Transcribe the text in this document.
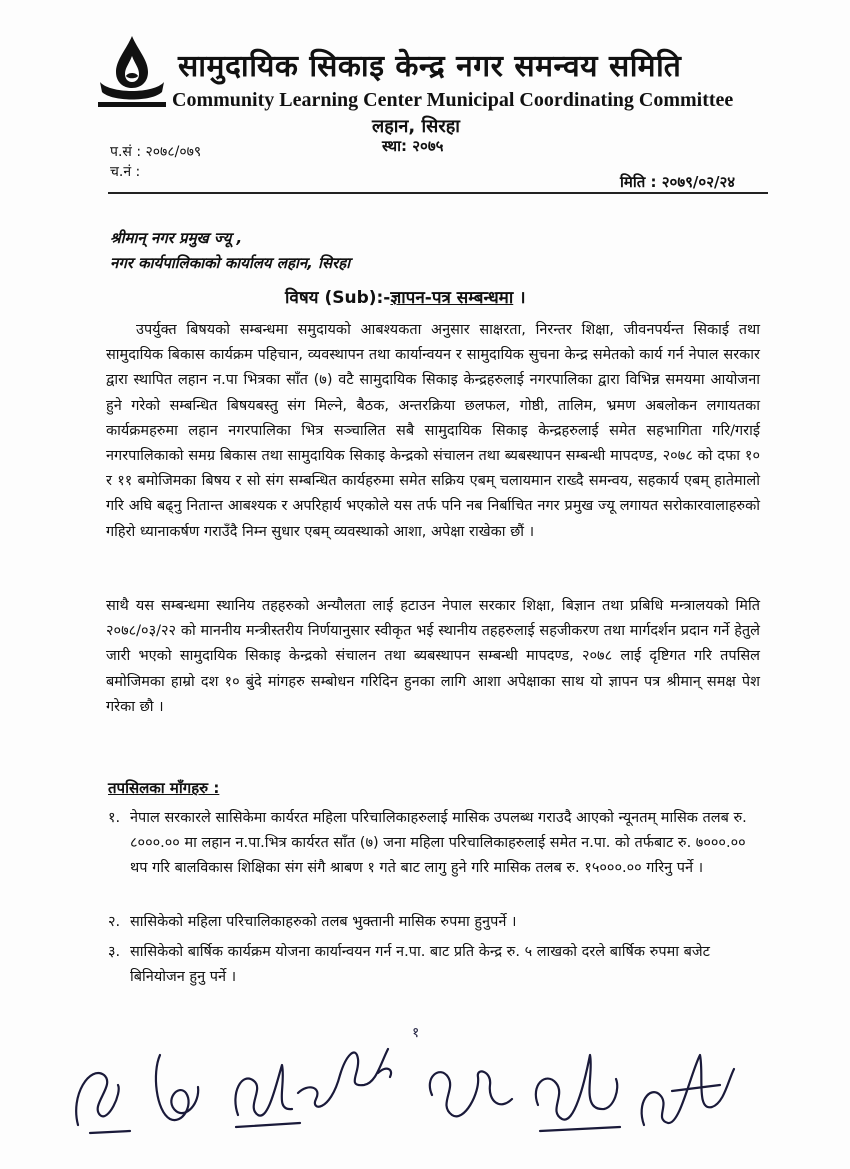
सामुदायिक सिकाइ केन्द्र नगर समन्वय समिति
Community Learning Center Municipal Coordinating Committee
लहान, सिरहा
स्था: २०७५
प.सं : २०७८/०७९
च.नं :
मिति : २०७९/०२/२४
श्रीमान् नगर प्रमुख ज्यू ,
नगर कार्यपालिकाको कार्यालय लहान, सिरहा
विषय (Sub):-ज्ञापन-पत्र सम्बन्धमा ।
उपर्युक्त बिषयको सम्बन्धमा समुदायको आबश्यकता अनुसार साक्षरता, निरन्तर शिक्षा, जीवनपर्यन्त सिकाई तथा सामुदायिक बिकास कार्यक्रम पहिचान, व्यवस्थापन तथा कार्यान्वयन र सामुदायिक सुचना केन्द्र समेतको कार्य गर्न नेपाल सरकार द्वारा स्थापित लहान न.पा भित्रका साँत (७) वटै सामुदायिक सिकाइ केन्द्रहरुलाई नगरपालिका द्वारा विभिन्न समयमा आयोजना हुने गरेको सम्बन्धित बिषयबस्तु संग मिल्ने, बैठक, अन्तरक्रिया छलफल, गोष्ठी, तालिम, भ्रमण अबलोकन लगायतका कार्यक्रमहरुमा लहान नगरपालिका भित्र सञ्चालित सबै सामुदायिक सिकाइ केन्द्रहरुलाई समेत सहभागिता गरि/गराई नगरपालिकाको समग्र बिकास तथा सामुदायिक सिकाइ केन्द्रको संचालन तथा ब्यबस्थापन सम्बन्धी मापदण्ड, २०७८ को दफा १० र ११ बमोजिमका बिषय र सो संग सम्बन्धित कार्यहरुमा समेत सक्रिय एबम् चलायमान राख्दै समन्वय, सहकार्य एबम् हातेमालो गरि अघि बढ्नु नितान्त आबश्यक र अपरिहार्य भएकोले यस तर्फ पनि नब निर्बाचित नगर प्रमुख ज्यू लगायत सरोकारवालाहरुको गहिरो ध्यानाकर्षण गराउँदै निम्न सुधार एबम् व्यवस्थाको आशा, अपेक्षा राखेका छौं ।
साथै यस सम्बन्धमा स्थानिय तहहरुको अन्यौलता लाई हटाउन नेपाल सरकार शिक्षा, बिज्ञान तथा प्रबिधि मन्त्रालयको मिति २०७८/०३/२२ को माननीय मन्त्रीस्तरीय निर्णयानुसार स्वीकृत भई स्थानीय तहहरुलाई सहजीकरण तथा मार्गदर्शन प्रदान गर्ने हेतुले जारी भएको सामुदायिक सिकाइ केन्द्रको संचालन तथा ब्यबस्थापन सम्बन्धी मापदण्ड, २०७८ लाई दृष्टिगत गरि तपसिल बमोजिमका हाम्रो दश १० बुंदे मांगहरु सम्बोधन गरिदिन हुनका लागि आशा अपेक्षाका साथ यो ज्ञापन पत्र श्रीमान् समक्ष पेश गरेका छौ ।
तपसिलका माँगहरु :
१. नेपाल सरकारले सासिकेमा कार्यरत महिला परिचालिकाहरुलाई मासिक उपलब्ध गराउदै आएको न्यूनतम् मासिक तलब रु. ८०००.०० मा लहान न.पा.भित्र कार्यरत साँत (७) जना महिला परिचालिकाहरुलाई समेत न.पा. को तर्फबाट रु. ७०००.०० थप गरि बालविकास शिक्षिका संग संगै श्राबण १ गते बाट लागु हुने गरि मासिक तलब रु. १५०००.०० गरिनु पर्ने ।
२. सासिकेको महिला परिचालिकाहरुको तलब भुक्तानी मासिक रुपमा हुनुपर्ने ।
३. सासिकेको बार्षिक कार्यक्रम योजना कार्यान्वयन गर्न न.पा. बाट प्रति केन्द्र रु. ५ लाखको दरले बार्षिक रुपमा बजेट बिनियोजन हुनु पर्ने ।
१
